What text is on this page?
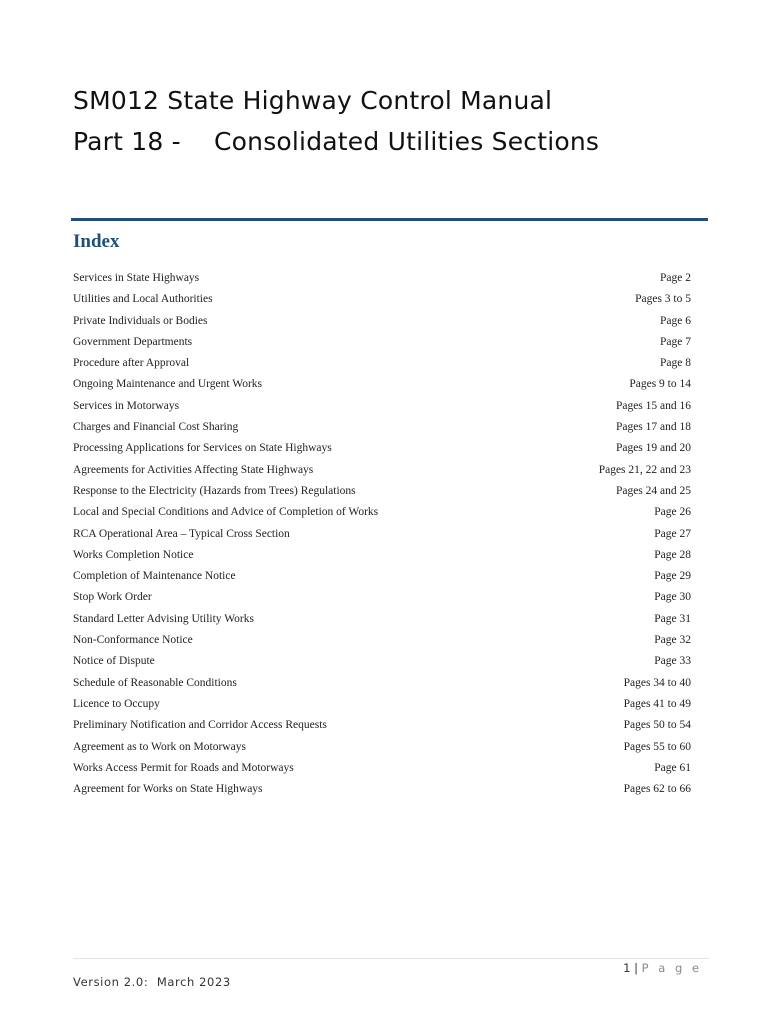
SM012 State Highway Control Manual
Part 18 - Consolidated Utilities Sections
Index
Services in State Highways	Page 2
Utilities and Local Authorities	Pages 3 to 5
Private Individuals or Bodies	Page 6
Government Departments	Page 7
Procedure after Approval	Page 8
Ongoing Maintenance and Urgent Works	Pages 9 to 14
Services in Motorways	Pages 15 and 16
Charges and Financial Cost Sharing	Pages 17 and 18
Processing Applications for Services on State Highways	Pages 19 and 20
Agreements for Activities Affecting State Highways	Pages 21, 22 and 23
Response to the Electricity (Hazards from Trees) Regulations	Pages 24 and 25
Local and Special Conditions and Advice of Completion of Works	Page 26
RCA Operational Area – Typical Cross Section	Page 27
Works Completion Notice	Page 28
Completion of Maintenance Notice	Page 29
Stop Work Order	Page 30
Standard Letter Advising Utility Works	Page 31
Non-Conformance Notice	Page 32
Notice of Dispute	Page 33
Schedule of Reasonable Conditions	Pages 34 to 40
Licence to Occupy	Pages 41 to 49
Preliminary Notification and Corridor Access Requests	Pages 50 to 54
Agreement as to Work on Motorways	Pages 55 to 60
Works Access Permit for Roads and Motorways	Page 61
Agreement for Works on State Highways	Pages 62 to 66
1 | P a g e
Version 2.0:  March 2023
